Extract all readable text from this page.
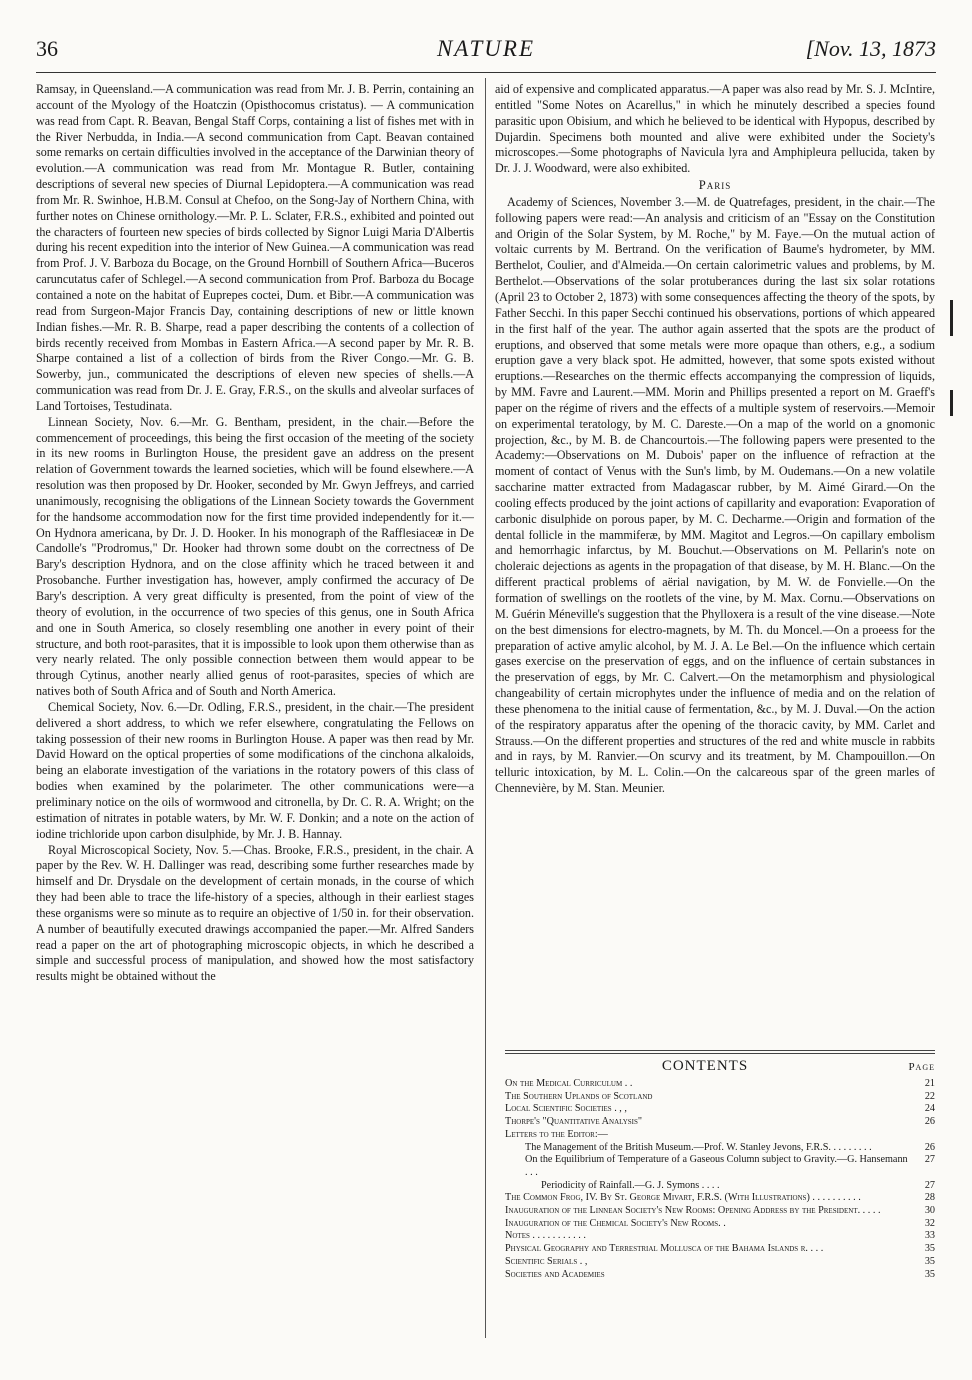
36	NATURE	[Nov. 13, 1873

Ramsay, in Queensland.—A communication was read from Mr. J. B. Perrin, containing an account of the Myology of the Hoatczin (Opisthocomus cristatus). — A communication was read from Capt. R. Beavan, Bengal Staff Corps, containing a list of fishes met with in the River Nerbudda, in India.—A second communication from Capt. Beavan contained some remarks on certain difficulties involved in the acceptance of the Darwinian theory of evolution.—A communication was read from Mr. Montague R. Butler, containing descriptions of several new species of Diurnal Lepidoptera.—A communication was read from Mr. R. Swinhoe, H.B.M. Consul at Chefoo, on the Song-Jay of Northern China, with further notes on Chinese ornithology.—Mr. P. L. Sclater, F.R.S., exhibited and pointed out the characters of fourteen new species of birds collected by Signor Luigi Maria D'Albertis during his recent expedition into the interior of New Guinea.—A communication was read from Prof. J. V. Barboza du Bocage, on the Ground Hornbill of Southern Africa—Buceros caruncutatus cafer of Schlegel.—A second communication from Prof. Barboza du Bocage contained a note on the habitat of Euprepes coctei, Dum. et Bibr.—A communication was read from Surgeon-Major Francis Day, containing descriptions of new or little known Indian fishes.—Mr. R. B. Sharpe, read a paper describing the contents of a collection of birds recently received from Mombas in Eastern Africa.—A second paper by Mr. R. B. Sharpe contained a list of a collection of birds from the River Congo.—Mr. G. B. Sowerby, jun., communicated the descriptions of eleven new species of shells.—A communication was read from Dr. J. E. Gray, F.R.S., on the skulls and alveolar surfaces of Land Tortoises, Testudinata.

Linnean Society, Nov. 6.—Mr. G. Bentham, president, in the chair.—Before the commencement of proceedings, this being the first occasion of the meeting of the society in its new rooms in Burlington House, the president gave an address on the present relation of Government towards the learned societies, which will be found elsewhere.—A resolution was then proposed by Dr. Hooker, seconded by Mr. Gwyn Jeffreys, and carried unanimously, recognising the obligations of the Linnean Society towards the Government for the handsome accommodation now for the first time provided independently for it.—On Hydnora americana, by Dr. J. D. Hooker. In his monograph of the Rafflesiaceæ in De Candolle's "Prodromus," Dr. Hooker had thrown some doubt on the correctness of De Bary's description Hydnora, and on the close affinity which he traced between it and Prosobanche. Further investigation has, however, amply confirmed the accuracy of De Bary's description. A very great difficulty is presented, from the point of view of the theory of evolution, in the occurrence of two species of this genus, one in South Africa and one in South America, so closely resembling one another in every point of their structure, and both root-parasites, that it is impossible to look upon them otherwise than as very nearly related. The only possible connection between them would appear to be through Cytinus, another nearly allied genus of root-parasites, species of which are natives both of South Africa and of South and North America.

Chemical Society, Nov. 6.—Dr. Odling, F.R.S., president, in the chair.—The president delivered a short address, to which we refer elsewhere, congratulating the Fellows on taking possession of their new rooms in Burlington House. A paper was then read by Mr. David Howard on the optical properties of some modifications of the cinchona alkaloids, being an elaborate investigation of the variations in the rotatory powers of this class of bodies when examined by the polarimeter. The other communications were—a preliminary notice on the oils of wormwood and citronella, by Dr. C. R. A. Wright; on the estimation of nitrates in potable waters, by Mr. W. F. Donkin; and a note on the action of iodine trichloride upon carbon disulphide, by Mr. J. B. Hannay.

Royal Microscopical Society, Nov. 5.—Chas. Brooke, F.R.S., president, in the chair. A paper by the Rev. W. H. Dallinger was read, describing some further researches made by himself and Dr. Drysdale on the development of certain monads, in the course of which they had been able to trace the life-history of a species, although in their earliest stages these organisms were so minute as to require an objective of 1/50 in. for their observation. A number of beautifully executed drawings accompanied the paper.—Mr. Alfred Sanders read a paper on the art of photographing microscopic objects, in which he described a simple and successful process of manipulation, and showed how the most satisfactory results might be obtained without the

aid of expensive and complicated apparatus.—A paper was also read by Mr. S. J. McIntire, entitled "Some Notes on Acarellus," in which he minutely described a species found parasitic upon Obisium, and which he believed to be identical with Hypopus, described by Dujardin. Specimens both mounted and alive were exhibited under the Society's microscopes.—Some photographs of Navicula lyra and Amphipleura pellucida, taken by Dr. J. J. Woodward, were also exhibited.

Paris

Academy of Sciences, November 3.—M. de Quatrefages, president, in the chair.—The following papers were read:—An analysis and criticism of an "Essay on the Constitution and Origin of the Solar System, by M. Roche," by M. Faye.—On the mutual action of voltaic currents by M. Bertrand. On the verification of Baume's hydrometer, by MM. Berthelot, Coulier, and d'Almeida.—On certain calorimetric values and problems, by M. Berthelot.—Observations of the solar protuberances during the last six solar rotations (April 23 to October 2, 1873) with some consequences affecting the theory of the spots, by Father Secchi. In this paper Secchi continued his observations, portions of which appeared in the first half of the year. The author again asserted that the spots are the product of eruptions, and observed that some metals were more opaque than others, e.g., a sodium eruption gave a very black spot. He admitted, however, that some spots existed without eruptions.—Researches on the thermic effects accompanying the compression of liquids, by MM. Favre and Laurent.—MM. Morin and Phillips presented a report on M. Graeff's paper on the régime of rivers and the effects of a multiple system of reservoirs.—Memoir on experimental teratology, by M. C. Dareste.—On a map of the world on a gnomonic projection, &c., by M. B. de Chancourtois.—The following papers were presented to the Academy:—Observations on M. Dubois' paper on the influence of refraction at the moment of contact of Venus with the Sun's limb, by M. Oudemans.—On a new volatile saccharine matter extracted from Madagascar rubber, by M. Aimé Girard.—On the cooling effects produced by the joint actions of capillarity and evaporation: Evaporation of carbonic disulphide on porous paper, by M. C. Decharme.—Origin and formation of the dental follicle in the mammiferæ, by MM. Magitot and Legros.—On capillary embolism and hemorrhagic infarctus, by M. Bouchut.—Observations on M. Pellarin's note on choleraic dejections as agents in the propagation of that disease, by M. H. Blanc.—On the different practical problems of aërial navigation, by M. W. de Fonvielle.—On the formation of swellings on the rootlets of the vine, by M. Max. Cornu.—Observations on M. Guérin Méneville's suggestion that the Phylloxera is a result of the vine disease.—Note on the best dimensions for electro-magnets, by M. Th. du Moncel.—On a proeess for the preparation of active amylic alcohol, by M. J. A. Le Bel.—On the influence which certain gases exercise on the preservation of eggs, and on the influence of certain substances in the preservation of eggs, by Mr. C. Calvert.—On the metamorphism and physiological changeability of certain microphytes under the influence of media and on the relation of these phenomena to the initial cause of fermentation, &c., by M. J. Duval.—On the action of the respiratory apparatus after the opening of the thoracic cavity, by MM. Carlet and Strauss.—On the different properties and structures of the red and white muscle in rabbits and in rays, by M. Ranvier.—On scurvy and its treatment, by M. Champouillon.—On telluric intoxication, by M. L. Colin.—On the calcareous spar of the green marles of Chennevière, by M. Stan. Meunier.

CONTENTS	Page
On the Medical Curriculum . .	21
The Southern Uplands of Scotland	22
Local Scientific Societies . , ,	24
Thorpe's "Quantitative Analysis"	26
Letters to the Editor:—
The Management of the British Museum.—Prof. W. Stanley Jevons, F.R.S. . . . . . . . .	26
On the Equilibrium of Temperature of a Gaseous Column subject to Gravity.—G. Hansemann . . .
27
Periodicity of Rainfall.—G. J. Symons . . . .	27
The Common Frog, IV. By St. George Mivart, F.R.S. (With Illustrations) . . . . . . . . . .	28
Inauguration of the Linnean Society's New Rooms: Opening Address by the President. . . . .	30
Inauguration of the Chemical Society's New Rooms. .	32
Notes . . . . . . . . . . .	33
Physical Geography and Terrestrial Mollusca of the Bahama Islands r. . . .	35
Scientific Serials . ,	35
Societies and Academies	35
